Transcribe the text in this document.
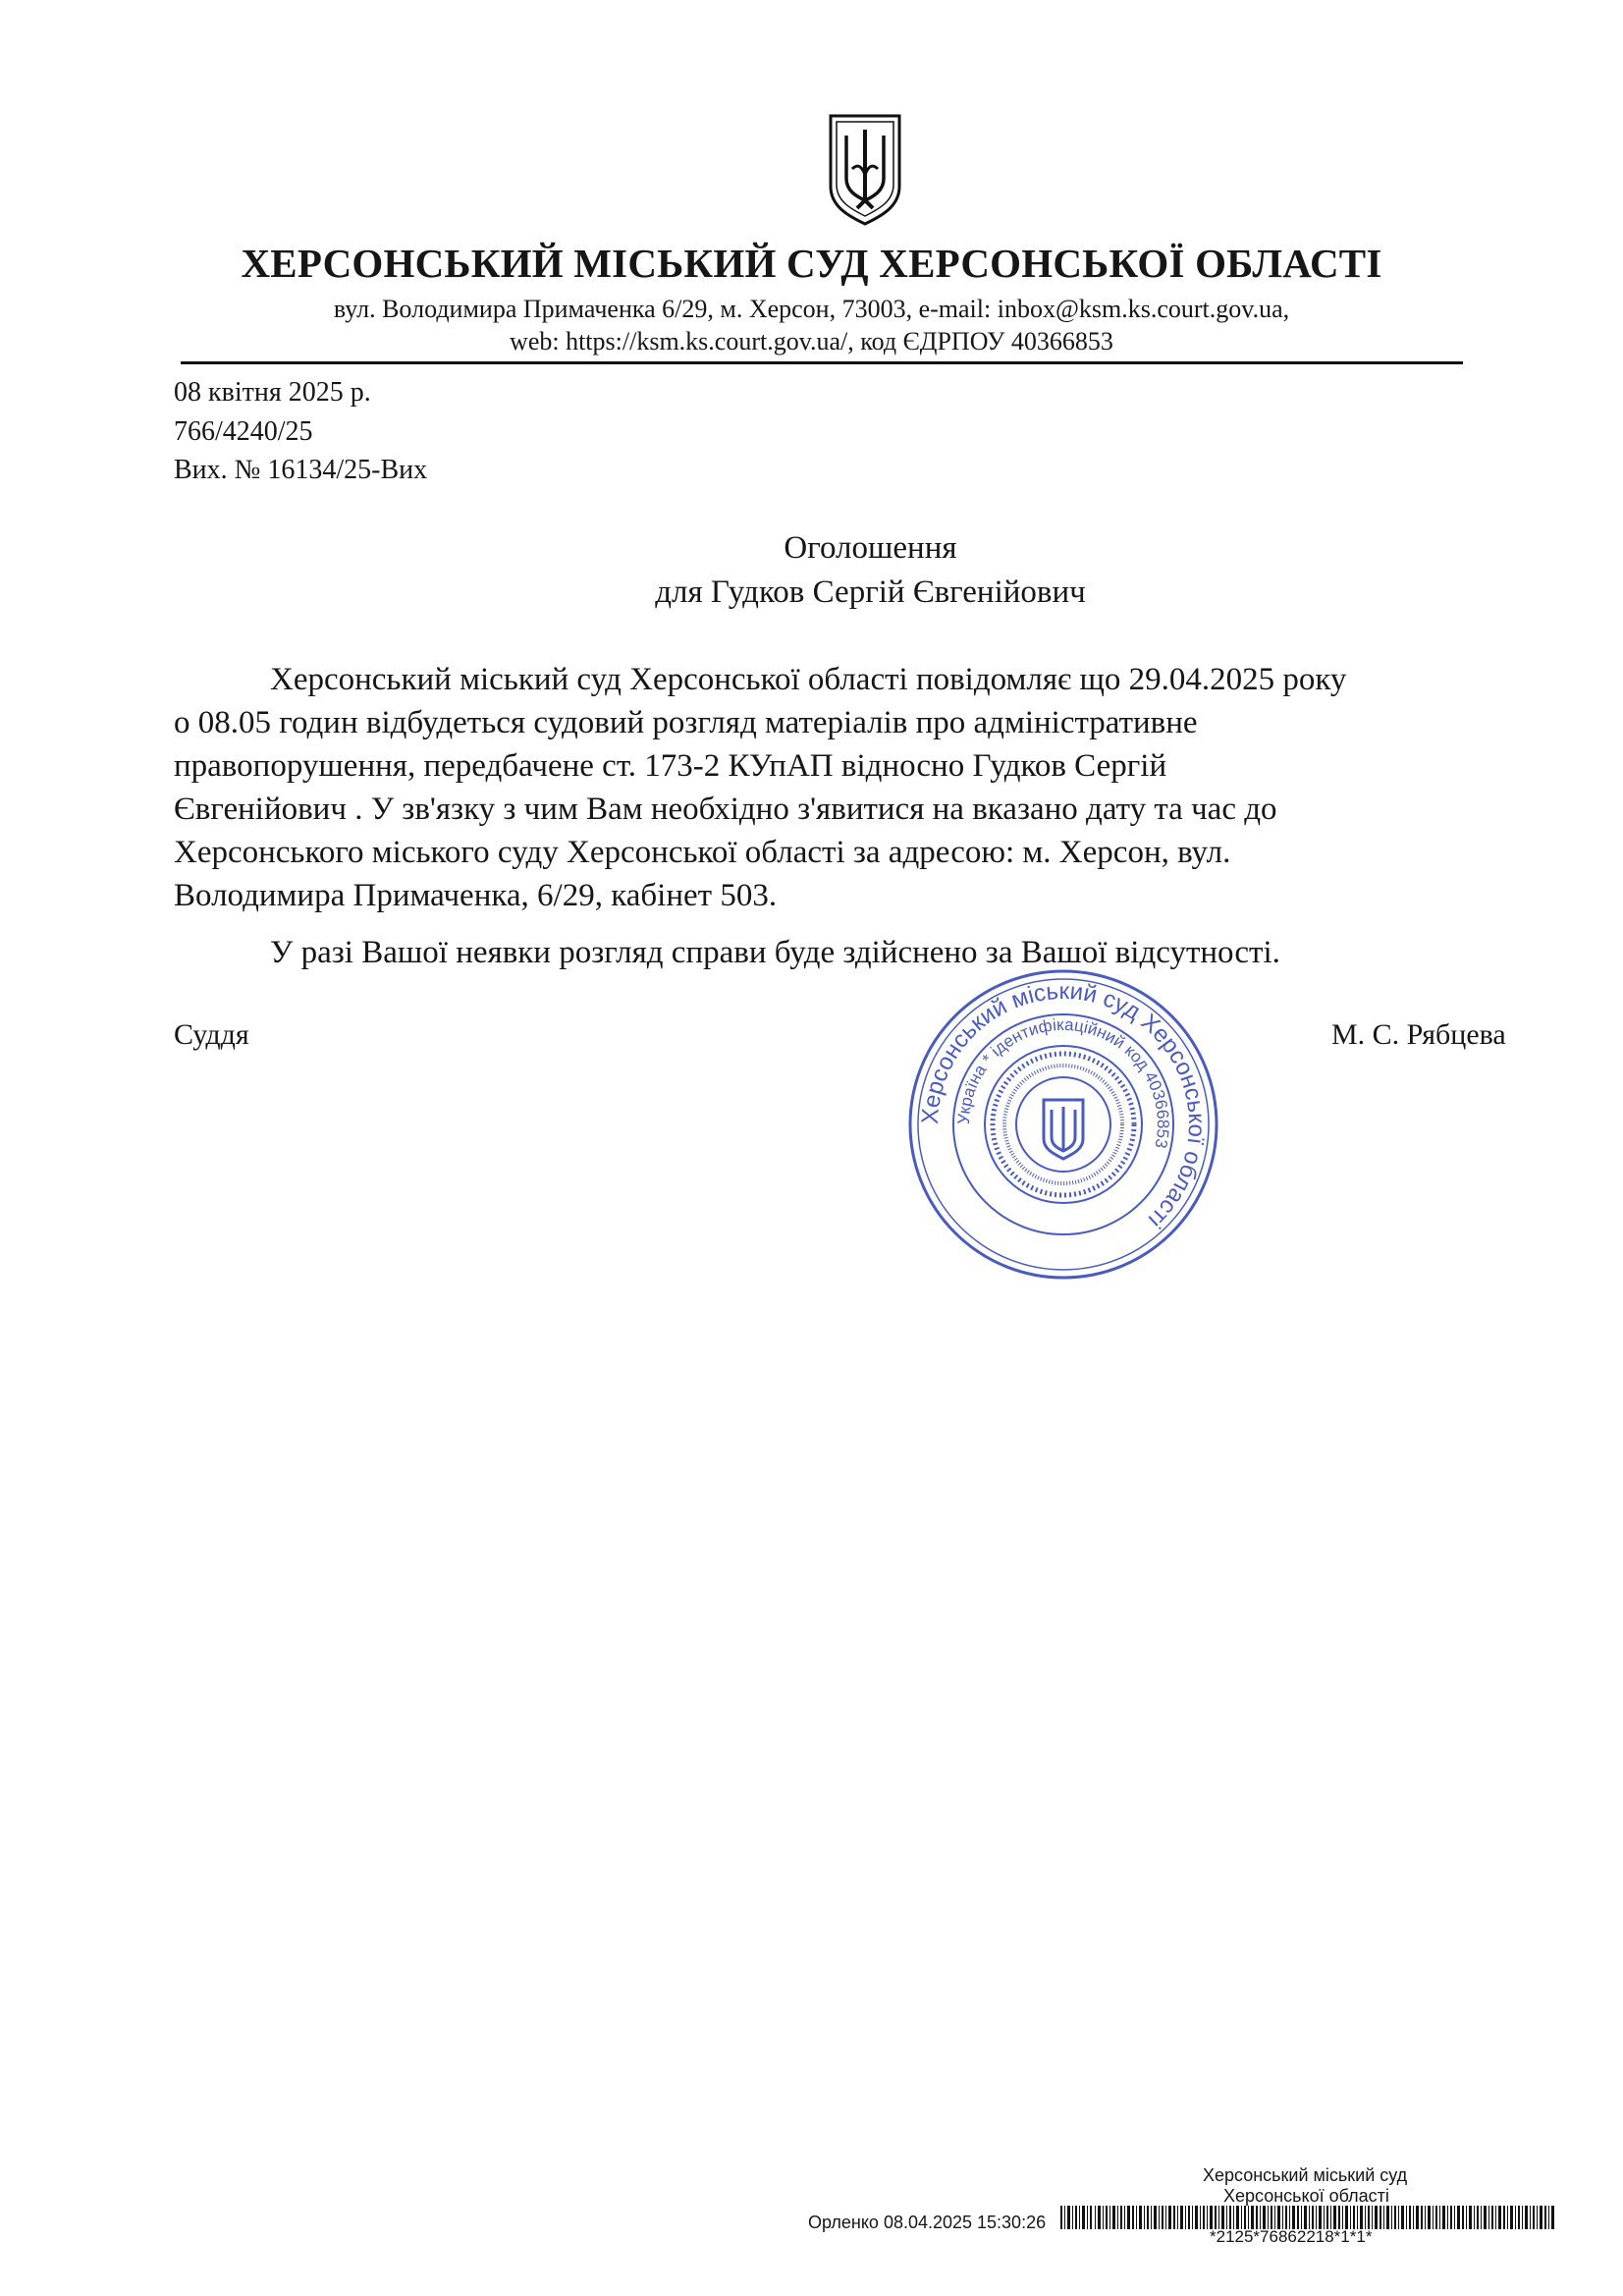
ХЕРСОНСЬКИЙ МІСЬКИЙ СУД ХЕРСОНСЬКОЇ ОБЛАСТІ
вул. Володимира Примаченка 6/29, м. Херсон, 73003, e-mail: inbox@ksm.ks.court.gov.ua,
web: https://ksm.ks.court.gov.ua/, код ЄДРПОУ 40366853
08 квітня 2025 р.
766/4240/25
Вих. № 16134/25-Вих
Оголошення
для Гудков Сергій Євгенійович
Херсонський міський суд Херсонської області повідомляє що 29.04.2025 року
о 08.05 годин відбудеться судовий розгляд матеріалів про адміністративне
правопорушення, передбачене ст. 173-2 КУпАП відносно Гудков Сергій
Євгенійович . У зв'язку з чим Вам необхідно з'явитися на вказано дату та час до
Херсонського міського суду Херсонської області за адресою: м. Херсон, вул.
Володимира Примаченка, 6/29, кабінет 503.
У разі Вашої неявки розгляд справи буде здійснено за Вашої відсутності.
Суддя	М. С. Рябцева
Херсонський міський суд Херсонської області
Україна * ідентифікаційний код 40366853
Херсонський міський суд
Херсонської області
Орленко 08.04.2025 15:30:26
*2125*76862218*1*1*
